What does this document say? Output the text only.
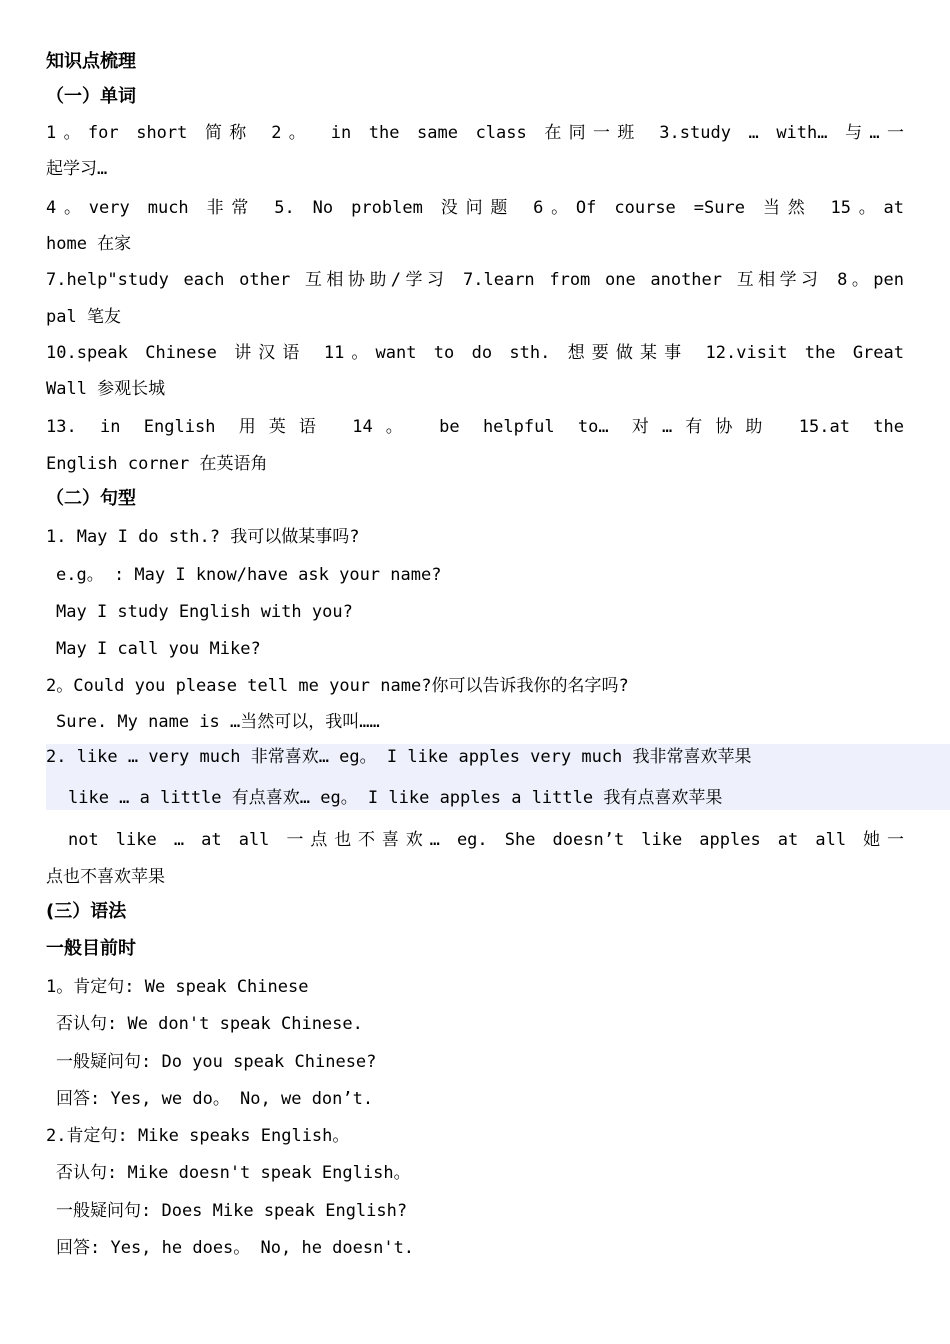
知识点梳理
（一）单词
1。for short 简称 2。 in the same class 在同一班 3.study … with… 与…一
起学习…
4。very much 非常 5. No problem 没问题 6。Of course =Sure 当然 15。at
home 在家
7.help"study each other 互相协助/学习 7.learn from one another 互相学习 8。pen
pal 笔友
10.speak Chinese 讲汉语 11。want to do sth. 想要做某事 12.visit the Great
Wall 参观长城
13. in English 用英语 14。 be helpful to… 对…有协助 15.at the
English corner 在英语角
（二）句型
1. May I do sth.? 我可以做某事吗?
e.g。 : May I know/have ask your name?
May I study English with you?
May I call you Mike?
2。Could you please tell me your name?你可以告诉我你的名字吗?
Sure. My name is …当然可以，我叫……
2. like … very much 非常喜欢… eg。 I like apples very much 我非常喜欢苹果
like … a little 有点喜欢… eg。 I like apples a little 我有点喜欢苹果
not like … at all 一点也不喜欢… eg. She doesn’t like apples at all 她一
点也不喜欢苹果
(三）语法
一般目前时
1。肯定句: We speak Chinese
否认句: We don't speak Chinese.
一般疑问句: Do you speak Chinese?
回答: Yes, we do。 No, we don’t.
2.肯定句: Mike speaks English。
否认句: Mike doesn't speak English。
一般疑问句: Does Mike speak English?
回答: Yes, he does。 No, he doesn't.
